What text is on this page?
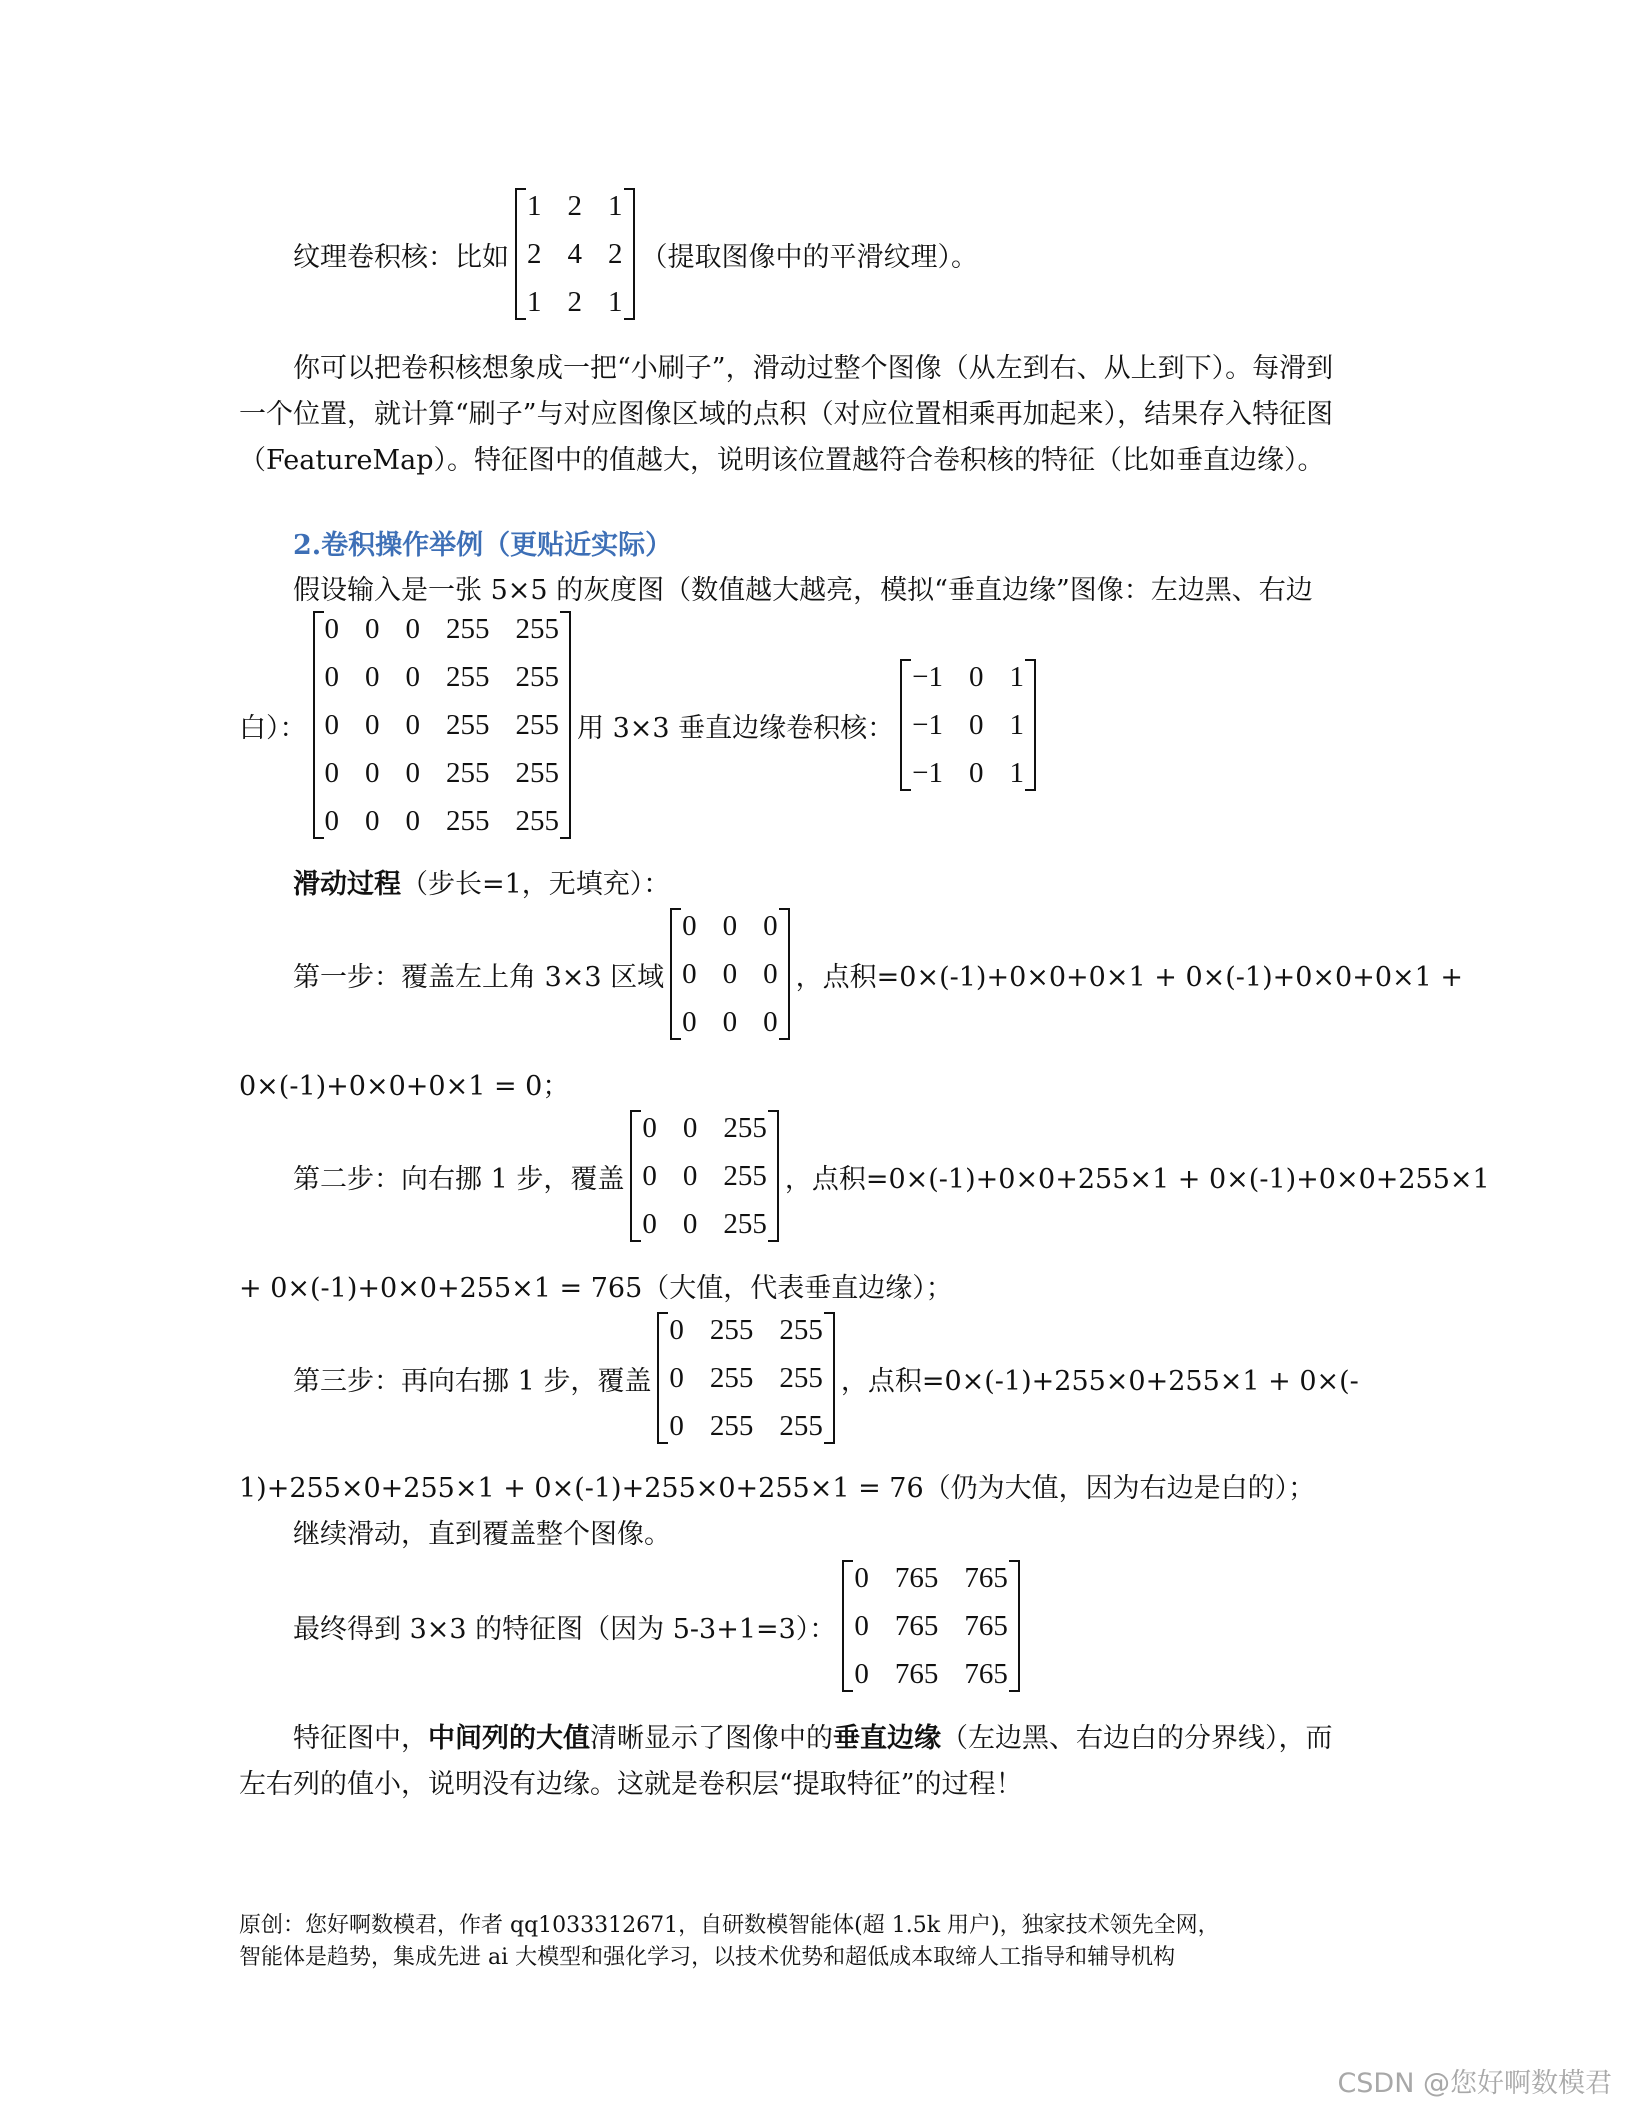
纹理卷积核：比如
1 2 1
2 4 2
1 2 1
（提取图像中的平滑纹理）。
你可以把卷积核想象成一把“小刷子”，滑动过整个图像（从左到右、从上到下）。每滑到
一个位置，就计算“刷子”与对应图像区域的点积（对应位置相乘再加起来），结果存入特征图
（FeatureMap）。特征图中的值越大，说明该位置越符合卷积核的特征（比如垂直边缘）。
2.卷积操作举例（更贴近实际）
假设输入是一张 5×5 的灰度图（数值越大越亮，模拟“垂直边缘”图像：左边黑、右边
白）：
0 0 0 255 255
0 0 0 255 255
0 0 0 255 255
0 0 0 255 255
0 0 0 255 255
用 3×3 垂直边缘卷积核：
−1 0 1
−1 0 1
−1 0 1
滑动过程（步长=1，无填充）：
第一步：覆盖左上角 3×3 区域
0 0 0
0 0 0
0 0 0
，点积=0×(-1)+0×0+0×1 + 0×(-1)+0×0+0×1 +
0×(-1)+0×0+0×1 = 0；
第二步：向右挪 1 步，覆盖
0 0 255
0 0 255
0 0 255
，点积=0×(-1)+0×0+255×1 + 0×(-1)+0×0+255×1
+ 0×(-1)+0×0+255×1 = 765（大值，代表垂直边缘）；
第三步：再向右挪 1 步，覆盖
0 255 255
0 255 255
0 255 255
，点积=0×(-1)+255×0+255×1 + 0×(-
1)+255×0+255×1 + 0×(-1)+255×0+255×1 = 76（仍为大值，因为右边是白的）；
继续滑动，直到覆盖整个图像。
最终得到 3×3 的特征图（因为 5-3+1=3）：
0 765 765
0 765 765
0 765 765
特征图中，中间列的大值清晰显示了图像中的垂直边缘（左边黑、右边白的分界线），而
左右列的值小，说明没有边缘。这就是卷积层“提取特征”的过程！
原创：您好啊数模君，作者 qq1033312671，自研数模智能体(超 1.5k 用户)，独家技术领先全网，
智能体是趋势，集成先进 ai 大模型和强化学习，以技术优势和超低成本取缔人工指导和辅导机构
CSDN @您好啊数模君
